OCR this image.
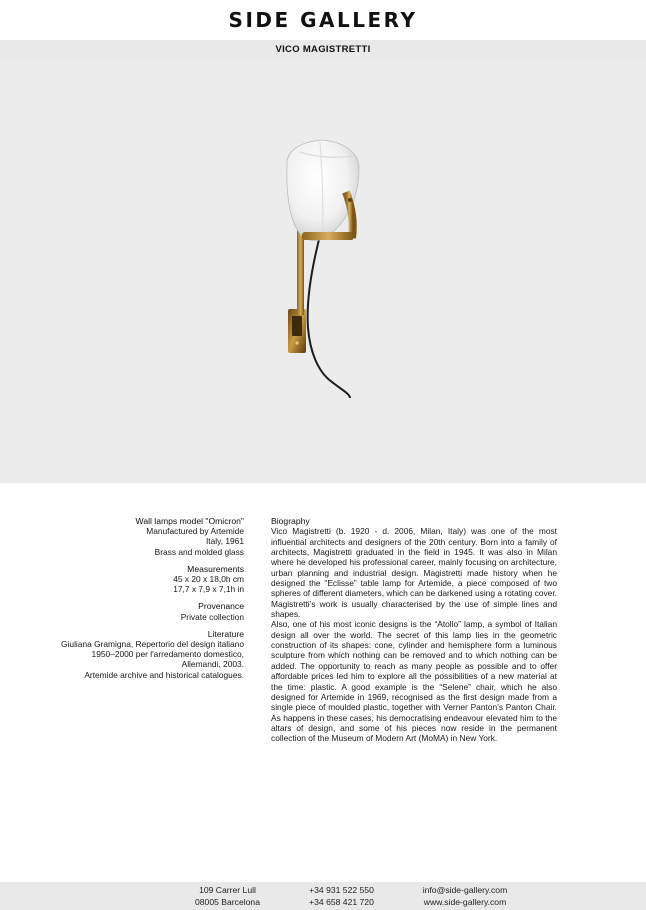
SIDE GALLERY
VICO MAGISTRETTI
Wall lamps model "Omicron"
Manufactured by Artemide
Italy, 1961
Brass and molded glass
Measurements
45 x 20 x 18,0h cm
17,7 x 7,9 x 7,1h in
Provenance
Private collection
Literature
Giuliana Gramigna, Repertorio del design italiano
1950–2000 per l'arredamento domestico,
Allemandi, 2003.
Artemide archive and historical catalogues.
Biography

Vico Magistretti (b. 1920 - d. 2006, Milan, Italy) was one of the most influential architects and designers of the 20th century. Born into a family of architects, Magistretti graduated in the field in 1945. It was also in Milan where he developed his professional career, mainly focusing on architecture, urban planning and industrial design. Magistretti made history when he designed the “Eclisse” table lamp for Artemide, a piece composed of two spheres of different diameters, which can be darkened using a rotating cover. Magistretti’s work is usually characterised by the use of simple lines and shapes.

Also, one of his most iconic designs is the “Atollo” lamp, a symbol of Italian design all over the world. The secret of this lamp lies in the geometric construction of its shapes: cone, cylinder and hemisphere form a luminous sculpture from which nothing can be removed and to which nothing can be added. The opportunity to reach as many people as possible and to offer affordable prices led him to explore all the possibilities of a new material at the time: plastic. A good example is the “Selene” chair, which he also designed for Artemide in 1969, recognised as the first design made from a single piece of moulded plastic, together with Verner Panton’s Panton Chair. As happens in these cases, his democratising endeavour elevated him to the altars of design, and some of his pieces now reside in the permanent collection of the Museum of Modern Art (MoMA) in New York.

109 Carrer Lull
08005 Barcelona
+34 931 522 550
+34 658 421 720
info@side-gallery.com
www.side-gallery.com
